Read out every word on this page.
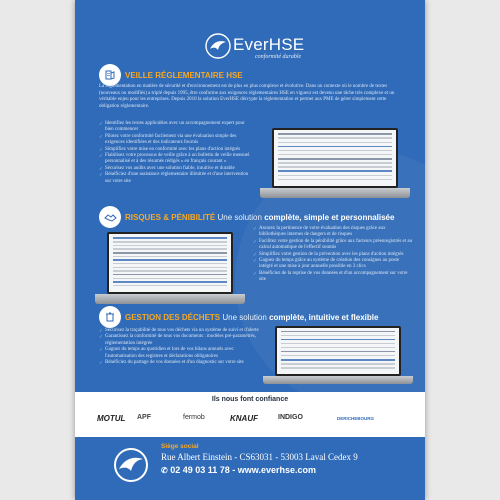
EverHSE
conformité durable
VEILLE RÉGLEMENTAIRE HSE

La réglementation en matière de sécurité et d'environnement est de plus en plus complexe et évolutive. Dans un contexte où le nombre de textes (nouveaux ou modifiés) a triplé depuis 1995, être conforme aux exigences réglementaires HSE en vigueur est devenu une tâche très complexe et un véritable enjeu pour les entreprises. Depuis 2010 la solution EverHSE décrypte la réglementation et permet aux PME de gérer simplement cette obligation réglementaire.

✓ Identifiez les textes applicables avec un accompagnement expert pour bien commencer
✓ Pilotez votre conformité facilement via une évaluation simple des exigences identifiées et des indicateurs fournis
✓ Simplifiez votre mise en conformité avec les plans d'action intégrés
✓ Fiabilisez votre processus de veille grâce à un bulletin de veille mensuel personnalisé et à des résumés rédigés « en français courant »
✓ Sécurisez vos audits avec une solution fiable, intuitive et durable
✓ Bénéficiez d'une assistance réglementaire illimitée et d'une intervention sur votre site
RISQUES & PÉNIBILITÉ Une solution complète, simple et personnalisée
✓ Assurez la pertinence de votre évaluation des risques grâce aux bibliothèques internes de dangers et de risques
✓ Facilitez votre gestion de la pénibilité grâce aux facteurs préenregistrés et au calcul automatique de l'effectif soumis
✓ Simplifiez votre gestion de la prévention avec les plans d'action intégrés
✓ Gagnez du temps grâce au système de création des consignes au poste intégré et une mise à jour annuelle possible en 3 clics
✓ Bénéficiez de la reprise de vos données et d'un accompagnement sur votre site
GESTION DES DÉCHETS Une solution complète, intuitive et flexible
✓ Sécurisez la traçabilité de tous vos déchets via un système de suivi et d'alerte
✓ Garantissez la conformité de tous vos documents : modèles pré-paramétrés, réglementation intégrée
✓ Gagnez du temps au quotidien et lors de vos bilans annuels avec l'automatisation des registres et déclarations obligatoires
✓ Bénéficiez du partage de vos données et d'un diagnostic sur votre site
Ils nous font confiance
MOTUL APF	fermob	KNAUF	INDIGO	DERICHEBOURG
Siège social
Rue Albert Einstein - CS63031 - 53003 Laval Cedex 9
✆ 02 49 03 11 78 - www.everhse.com
